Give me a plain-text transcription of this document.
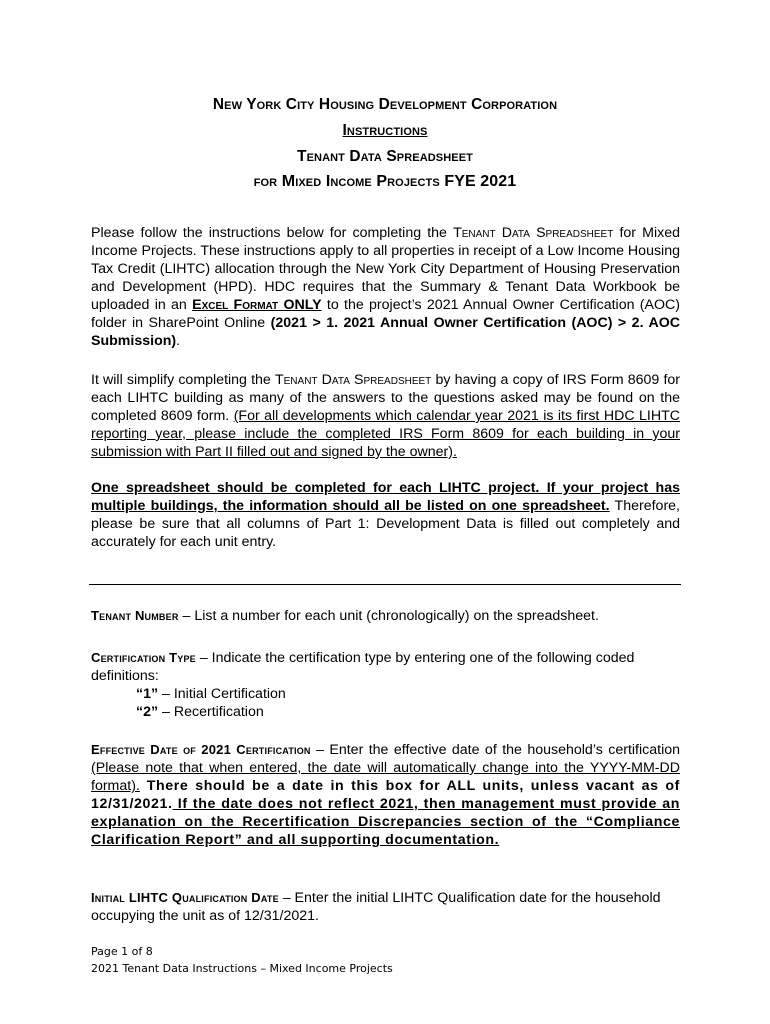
New York City Housing Development Corporation
Instructions
Tenant Data Spreadsheet
for Mixed Income Projects FYE 2021
Please follow the instructions below for completing the Tenant Data Spreadsheet for Mixed Income Projects. These instructions apply to all properties in receipt of a Low Income Housing Tax Credit (LIHTC) allocation through the New York City Department of Housing Preservation and Development (HPD). HDC requires that the Summary & Tenant Data Workbook be uploaded in an Excel Format ONLY to the project’s 2021 Annual Owner Certification (AOC) folder in SharePoint Online (2021 > 1. 2021 Annual Owner Certification (AOC) > 2. AOC Submission).
It will simplify completing the Tenant Data Spreadsheet by having a copy of IRS Form 8609 for each LIHTC building as many of the answers to the questions asked may be found on the completed 8609 form. (For all developments which calendar year 2021 is its first HDC LIHTC reporting year, please include the completed IRS Form 8609 for each building in your submission with Part II filled out and signed by the owner).
One spreadsheet should be completed for each LIHTC project. If your project has multiple buildings, the information should all be listed on one spreadsheet. Therefore, please be sure that all columns of Part 1: Development Data is filled out completely and accurately for each unit entry.
Tenant Number – List a number for each unit (chronologically) on the spreadsheet.
Certification Type – Indicate the certification type by entering one of the following coded definitions:
“1” – Initial Certification
“2” – Recertification
Effective Date of 2021 Certification – Enter the effective date of the household’s certification (Please note that when entered, the date will automatically change into the YYYY-MM-DD format). There should be a date in this box for ALL units, unless vacant as of 12/31/2021. If the date does not reflect 2021, then management must provide an explanation on the Recertification Discrepancies section of the “Compliance Clarification Report” and all supporting documentation.
Initial LIHTC Qualification Date – Enter the initial LIHTC Qualification date for the household occupying the unit as of 12/31/2021.
Page 1 of 8
2021 Tenant Data Instructions – Mixed Income Projects
